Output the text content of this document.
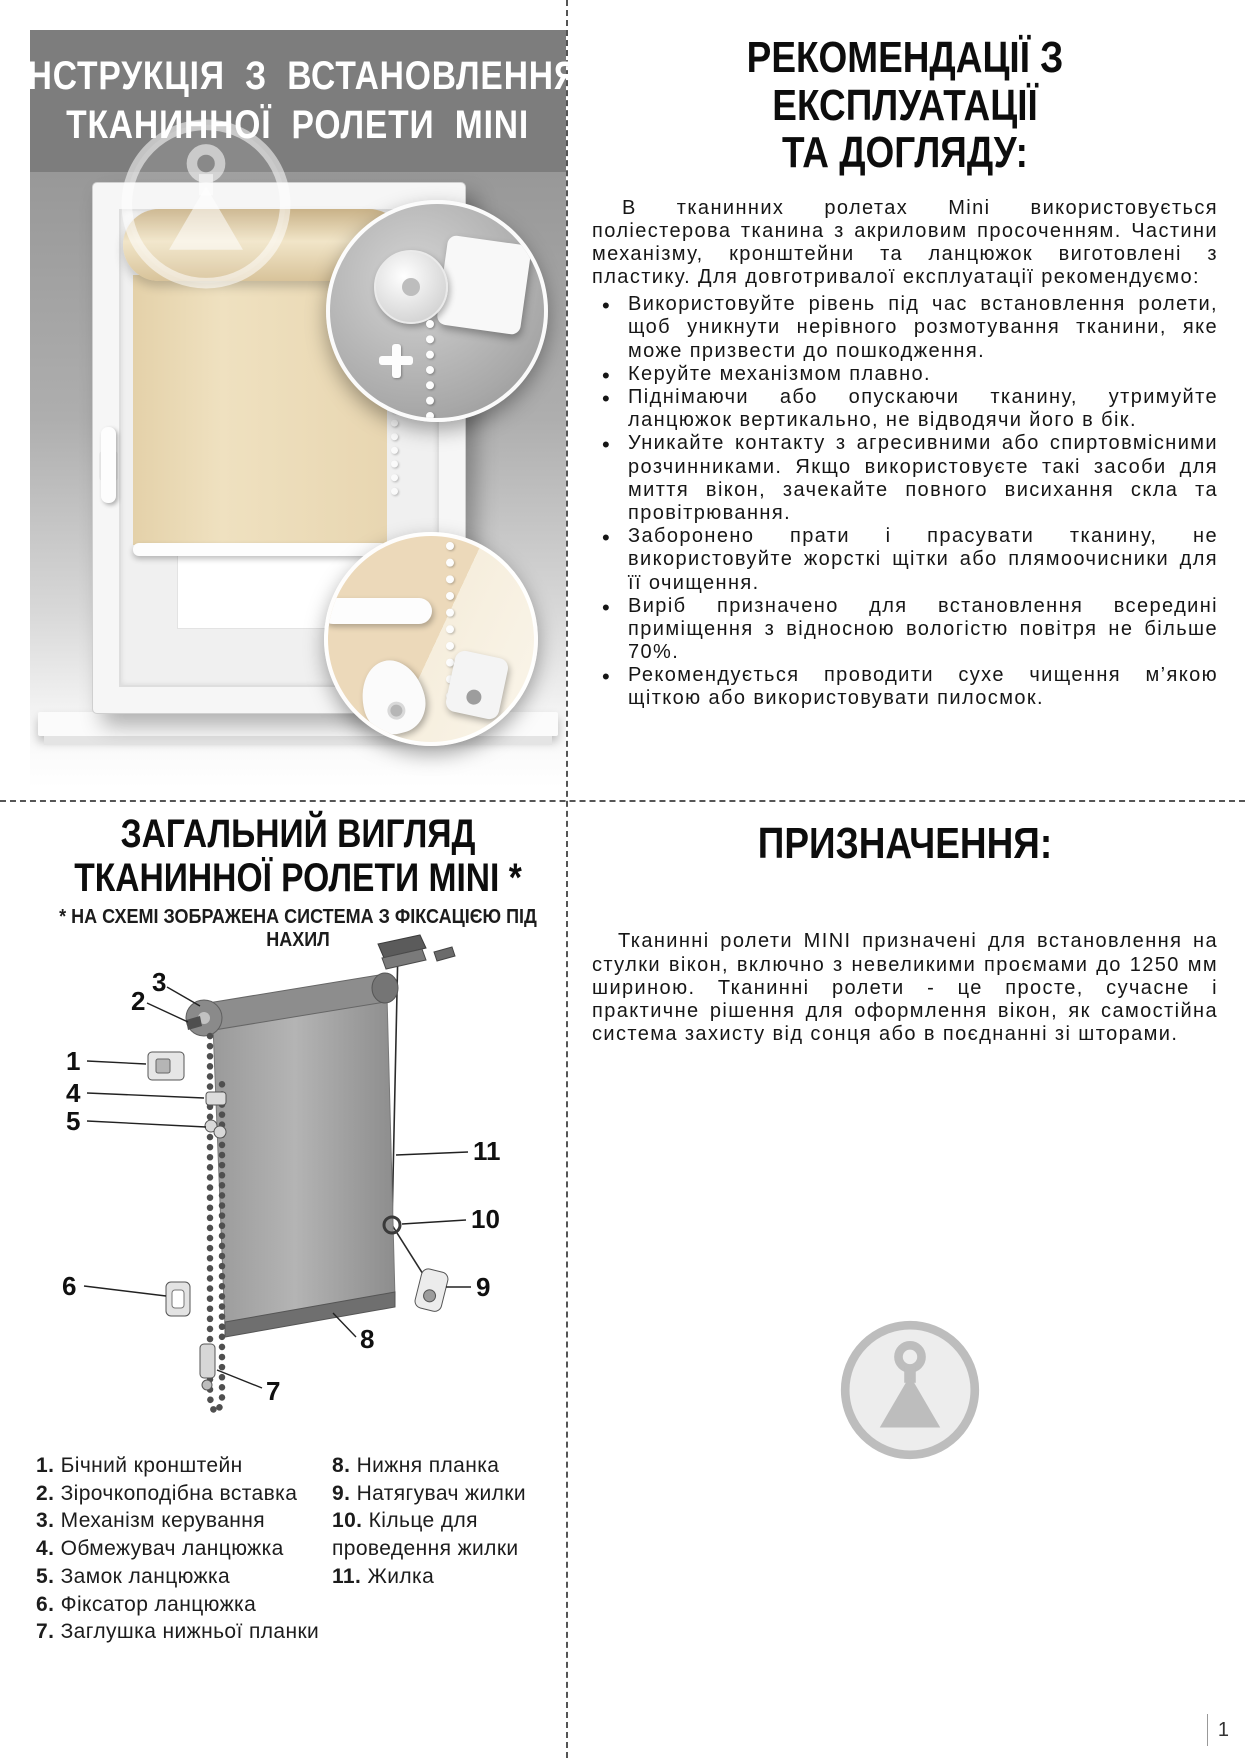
ІНСТРУКЦІЯ З ВСТАНОВЛЕННЯ
ТКАНИННОЇ РОЛЕТИ MINI
РЕКОМЕНДАЦІЇ З ЕКСПЛУАТАЦІЇ
ТА ДОГЛЯДУ:

В тканинних ролетах Mini використовується поліестерова тканина з акриловим просоченням. Частини механізму, кронштейни та ланцюжок виготовлені з пластику. Для довготривалої експлуатації рекомендуємо:

• Використовуйте рівень під час встановлення ролети, щоб уникнути нерівного розмотування тканини, яке може призвести до пошкодження.
• Керуйте механізмом плавно.
• Піднімаючи або опускаючи тканину, утримуйте ланцюжок вертикально, не відводячи його в бік.
• Уникайте контакту з агресивними або спиртовмісними розчинниками. Якщо використовуєте такі засоби для миття вікон, зачекайте повного висихання скла та провітрювання.
• Заборонено прати і прасувати тканину, не використовуйте жорсткі щітки або плямоочисники для її очищення.
• Виріб призначено для встановлення всередині приміщення з відносною вологістю повітря не більше 70%.
• Рекомендується проводити сухе чищення м’якою щіткою або використовувати пилосмок.
ЗАГАЛЬНИЙ ВИГЛЯД
ТКАНИННОЇ РОЛЕТИ MINI *
* НА СХЕМІ ЗОБРАЖЕНА СИСТЕМА З ФІКСАЦІЄЮ ПІД НАХИЛ
1
2
3
4
5
6
7
8
9
10
11
1. Бічний кронштейн
2. Зірочкоподібна вставка
3. Механізм керування
4. Обмежувач ланцюжка
5. Замок ланцюжка
6. Фіксатор ланцюжка
7. Заглушка нижньої планки
8. Нижня планка
9. Натягувач жилки
10. Кільце для проведення жилки
11. Жилка
ПРИЗНАЧЕННЯ:

Тканинні ролети MINI призначені для встановлення на стулки вікон, включно з невеликими проємами до 1250 мм шириною. Тканинні ролети - це просте, сучасне і практичне рішення для оформлення вікон, як самостійна система захисту від сонця або в поєднанні зі шторами.

1
